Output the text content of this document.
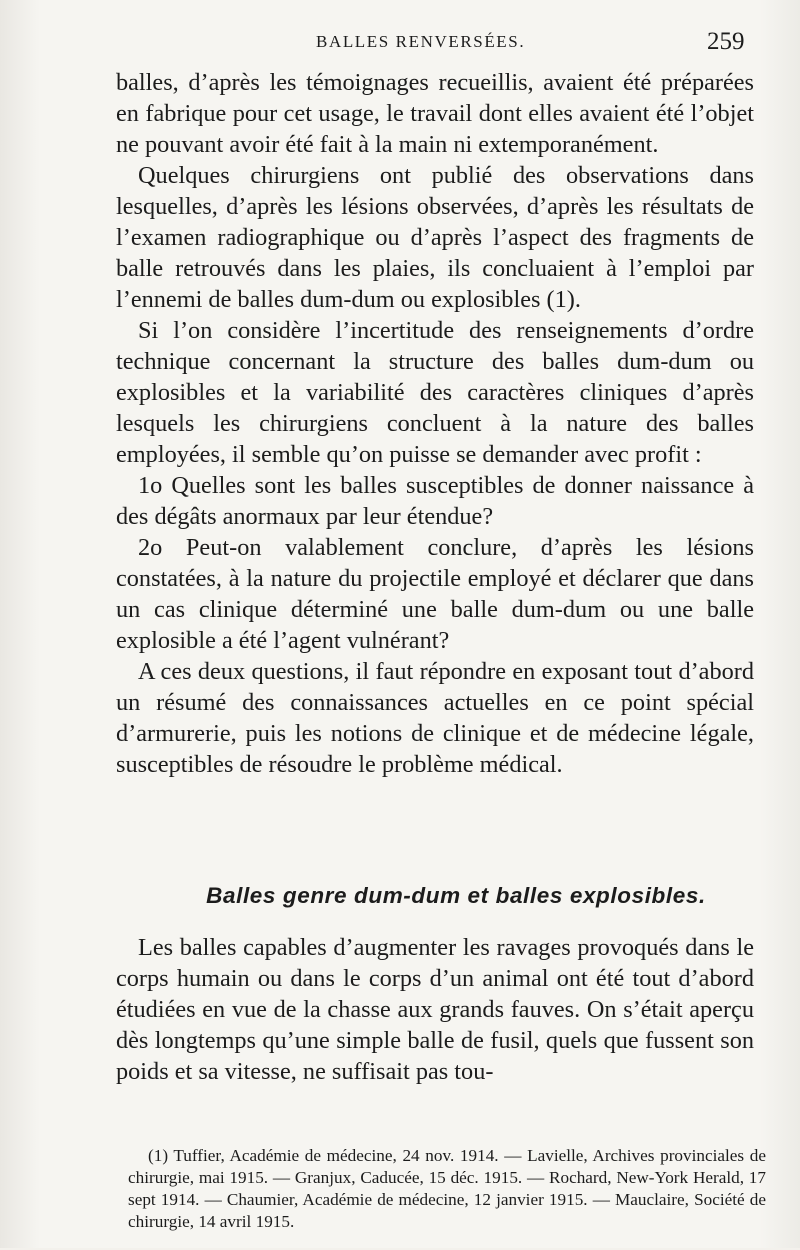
BALLES RENVERSÉES.	259

balles, d’après les témoignages recueillis, avaient été préparées en fabrique pour cet usage, le travail dont elles avaient été l’objet ne pouvant avoir été fait à la main ni extemporanément.

Quelques chirurgiens ont publié des observations dans lesquelles, d’après les lésions observées, d’après les résultats de l’examen radiographique ou d’après l’aspect des fragments de balle retrouvés dans les plaies, ils concluaient à l’emploi par l’ennemi de balles dum-dum ou explosibles (1).

Si l’on considère l’incertitude des renseignements d’ordre technique concernant la structure des balles dum-dum ou explosibles et la variabilité des caractères cliniques d’après lesquels les chirurgiens concluent à la nature des balles employées, il semble qu’on puisse se demander avec profit :

1o Quelles sont les balles susceptibles de donner naissance à des dégâts anormaux par leur étendue?

2o Peut-on valablement conclure, d’après les lésions constatées, à la nature du projectile employé et déclarer que dans un cas clinique déterminé une balle dum-dum ou une balle explosible a été l’agent vulnérant?

A ces deux questions, il faut répondre en exposant tout d’abord un résumé des connaissances actuelles en ce point spécial d’armurerie, puis les notions de clinique et de médecine légale, susceptibles de résoudre le problème médical.

Balles genre dum-dum et balles explosibles.

Les balles capables d’augmenter les ravages provoqués dans le corps humain ou dans le corps d’un animal ont été tout d’abord étudiées en vue de la chasse aux grands fauves. On s’était aperçu dès longtemps qu’une simple balle de fusil, quels que fussent son poids et sa vitesse, ne suffisait pas tou-

(1) Tuffier, Académie de médecine, 24 nov. 1914. — Lavielle, Archives provinciales de chirurgie, mai 1915. — Granjux, Caducée, 15 déc. 1915. — Rochard, New-York Herald, 17 sept 1914. — Chaumier, Académie de médecine, 12 janvier 1915. — Mauclaire, Société de chirurgie, 14 avril 1915.
